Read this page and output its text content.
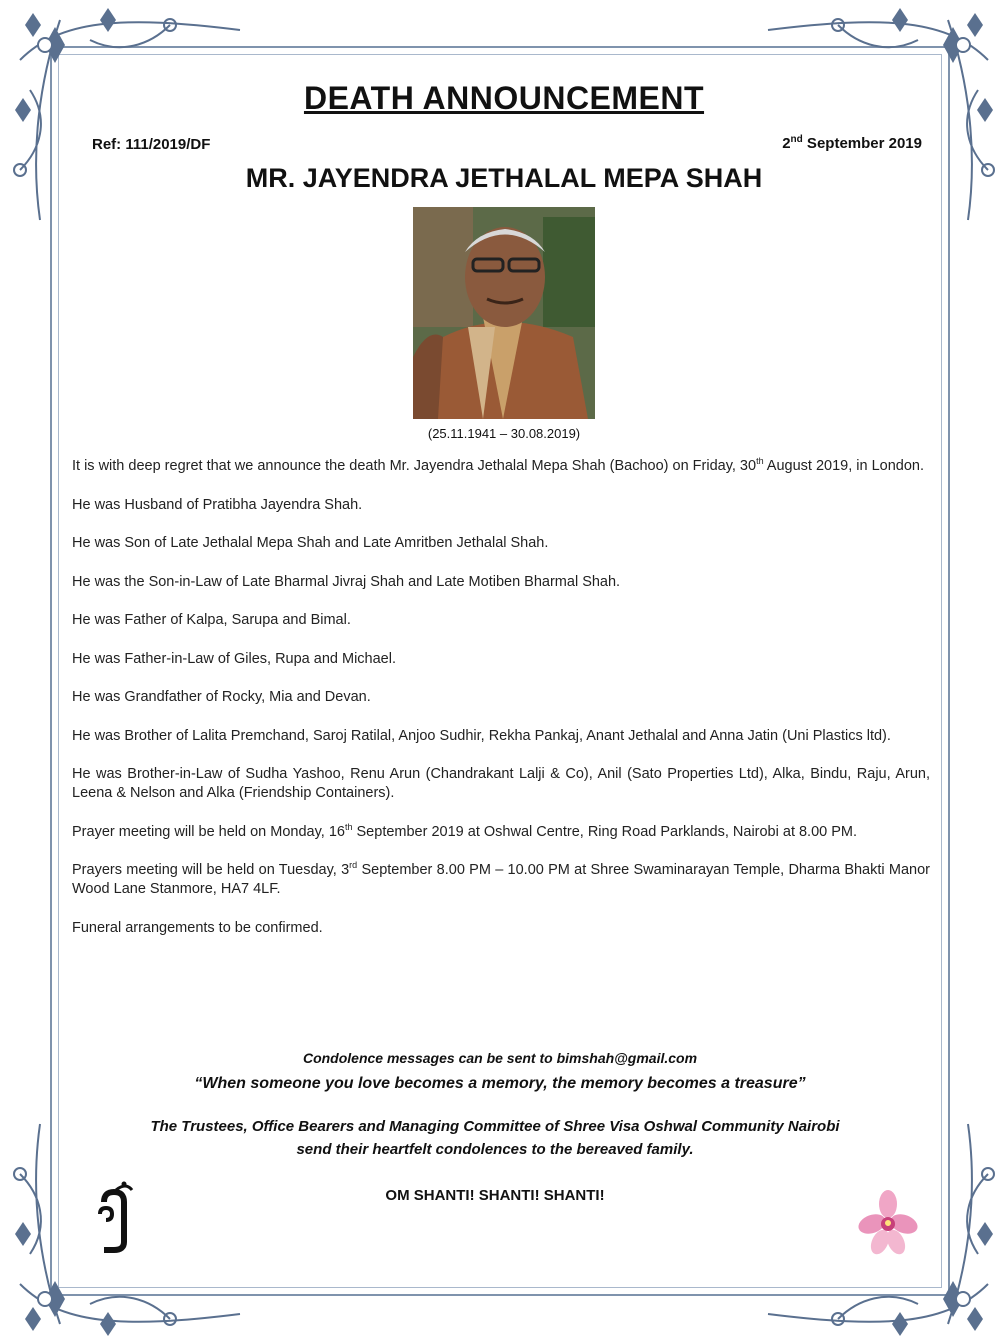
DEATH ANNOUNCEMENT
Ref: 111/2019/DF	2nd September 2019
MR. JAYENDRA JETHALAL MEPA SHAH
(25.11.1941 – 30.08.2019)

It is with deep regret that we announce the death Mr. Jayendra Jethalal Mepa Shah (Bachoo) on Friday, 30th August 2019, in London.

He was Husband of Pratibha Jayendra Shah.

He was Son of Late Jethalal Mepa Shah and Late Amritben Jethalal Shah.

He was the Son-in-Law of Late Bharmal Jivraj Shah and Late Motiben Bharmal Shah.

He was Father of Kalpa, Sarupa and Bimal.

He was Father-in-Law of Giles, Rupa and Michael.

He was Grandfather of Rocky, Mia and Devan.

He was Brother of Lalita Premchand, Saroj Ratilal, Anjoo Sudhir, Rekha Pankaj, Anant Jethalal and Anna Jatin (Uni Plastics ltd).

He was Brother-in-Law of Sudha Yashoo, Renu Arun (Chandrakant Lalji & Co), Anil (Sato Properties Ltd), Alka, Bindu, Raju, Arun, Leena & Nelson and Alka (Friendship Containers).

Prayer meeting will be held on Monday, 16th September 2019 at Oshwal Centre, Ring Road Parklands, Nairobi at 8.00 PM.

Prayers meeting will be held on Tuesday, 3rd September 8.00 PM – 10.00 PM at Shree Swaminarayan Temple, Dharma Bhakti Manor Wood Lane Stanmore, HA7 4LF.

Funeral arrangements to be confirmed.

Condolence messages can be sent to bimshah@gmail.com
“When someone you love becomes a memory, the memory becomes a treasure”
The Trustees, Office Bearers and Managing Committee of Shree Visa Oshwal Community Nairobi
send their heartfelt condolences to the bereaved family.
OM SHANTI! SHANTI! SHANTI!
